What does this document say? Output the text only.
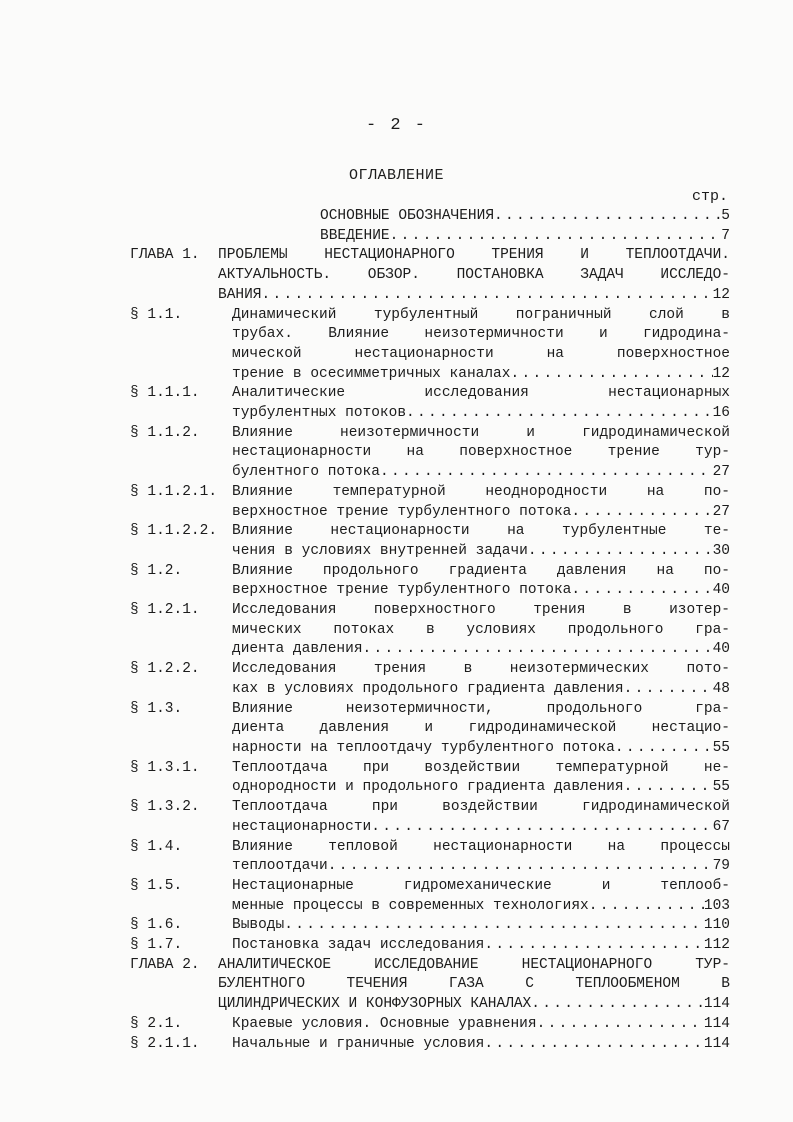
- 2 -
ОГЛАВЛЕНИЕ
стр.
ОСНОВНЫЕ ОБОЗНАЧЕНИЯ .....	5
ВВЕДЕНИЕ .....	7
ГЛАВА 1.	ПРОБЛЕМЫ НЕСТАЦИОНАРНОГО ТРЕНИЯ И ТЕПЛООТДАЧИ.
АКТУАЛЬНОСТЬ. ОБЗОР. ПОСТАНОВКА ЗАДАЧ ИССЛЕДО-
ВАНИЯ .....	12
§ 1.1.	Динамический турбулентный пограничный слой в
трубах. Влияние неизотермичности и гидродина-
мической нестационарности на поверхностное
трение в осесимметричных каналах .....	12
§ 1.1.1.	Аналитические исследования нестационарных
турбулентных потоков .....	16
§ 1.1.2.	Влияние неизотермичности и гидродинамической
нестационарности на поверхностное трение тур-
булентного потока .....	27
§ 1.1.2.1.	Влияние температурной неоднородности на по-
верхностное трение турбулентного потока .....	27
§ 1.1.2.2.	Влияние нестационарности на турбулентные те-
чения в условиях внутренней задачи .....	30
§ 1.2.	Влияние продольного градиента давления на по-
верхностное трение турбулентного потока .....	40
§ 1.2.1.	Исследования поверхностного трения в изотер-
мических потоках в условиях продольного гра-
диента давления .....	40
§ 1.2.2.	Исследования трения в неизотермических пото-
ках в условиях продольного градиента давления .....	48
§ 1.3.	Влияние неизотермичности, продольного гра-
диента давления и гидродинамической нестацио-
нарности на теплоотдачу турбулентного потока .....	55
§ 1.3.1.	Теплоотдача при воздействии температурной не-
однородности и продольного градиента давления .....	55
§ 1.3.2.	Теплоотдача при воздействии гидродинамической
нестационарности .....	67
§ 1.4.	Влияние тепловой нестационарности на процессы
теплоотдачи .....	79
§ 1.5.	Нестационарные гидромеханические и теплооб-
менные процессы в современных технологиях .....	103
§ 1.6.	Выводы .....	110
§ 1.7.	Постановка задач исследования .....	112
ГЛАВА 2.	АНАЛИТИЧЕСКОЕ ИССЛЕДОВАНИЕ НЕСТАЦИОНАРНОГО ТУР-
БУЛЕНТНОГО ТЕЧЕНИЯ ГАЗА С ТЕПЛООБМЕНОМ В
ЦИЛИНДРИЧЕСКИХ И КОНФУЗОРНЫХ КАНАЛАХ .....	114
§ 2.1.	Краевые условия. Основные уравнения .....	114
§ 2.1.1.	Начальные и граничные условия .....	114
